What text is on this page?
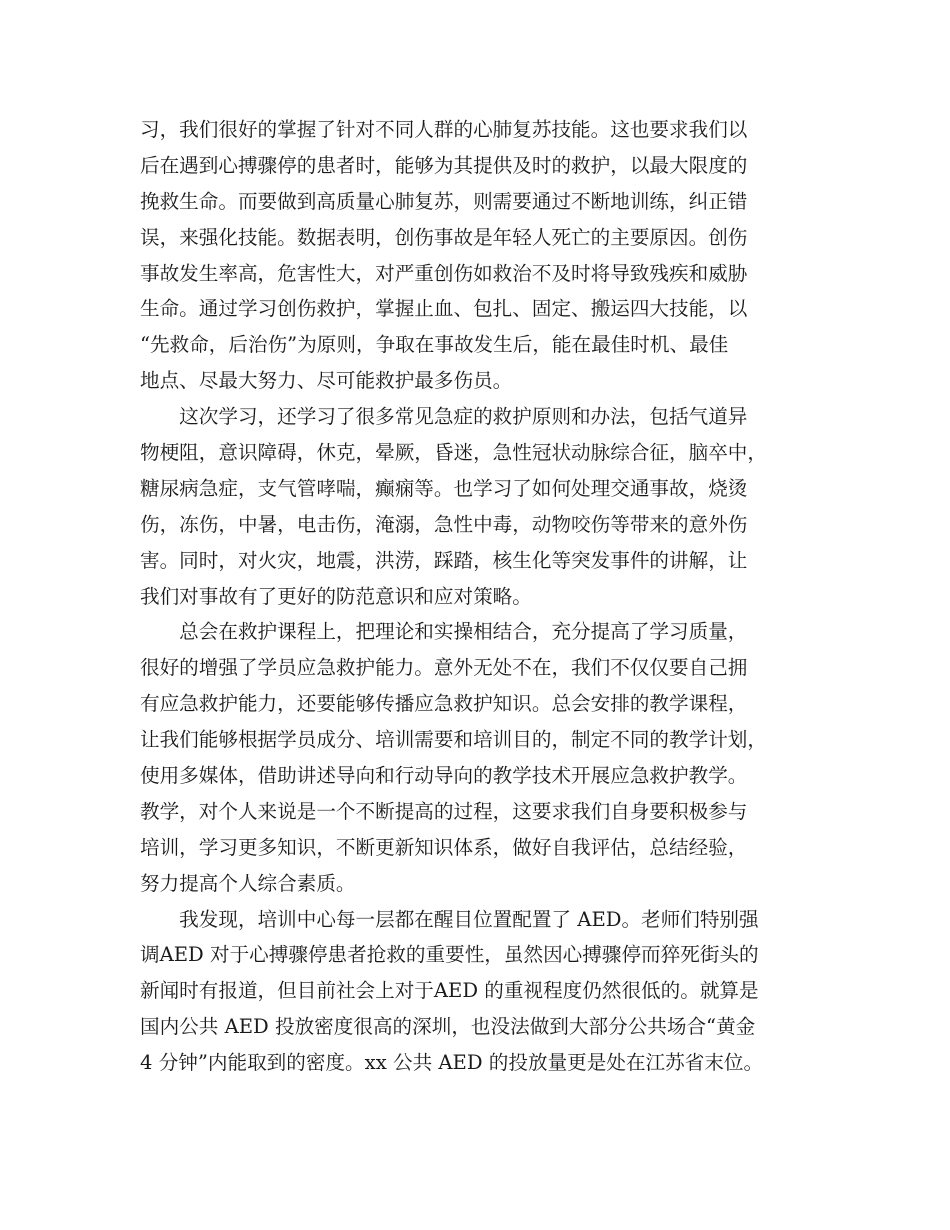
习，我们很好的掌握了针对不同人群的心肺复苏技能。这也要求我们以
后在遇到心搏骤停的患者时，能够为其提供及时的救护，以最大限度的
挽救生命。而要做到高质量心肺复苏，则需要通过不断地训练，纠正错
误，来强化技能。数据表明，创伤事故是年轻人死亡的主要原因。创伤
事故发生率高，危害性大，对严重创伤如救治不及时将导致残疾和威胁
生命。通过学习创伤救护，掌握止血、包扎、固定、搬运四大技能，以
“先救命，后治伤”为原则，争取在事故发生后，能在最佳时机、最佳
地点、尽最大努力、尽可能救护最多伤员。
　　这次学习，还学习了很多常见急症的救护原则和办法，包括气道异
物梗阻，意识障碍，休克，晕厥，昏迷，急性冠状动脉综合征，脑卒中，
糖尿病急症，支气管哮喘，癫痫等。也学习了如何处理交通事故，烧烫
伤，冻伤，中暑，电击伤，淹溺，急性中毒，动物咬伤等带来的意外伤
害。同时，对火灾，地震，洪涝，踩踏，核生化等突发事件的讲解，让
我们对事故有了更好的防范意识和应对策略。
　　总会在救护课程上，把理论和实操相结合，充分提高了学习质量，
很好的增强了学员应急救护能力。意外无处不在，我们不仅仅要自己拥
有应急救护能力，还要能够传播应急救护知识。总会安排的教学课程，
让我们能够根据学员成分、培训需要和培训目的，制定不同的教学计划，
使用多媒体，借助讲述导向和行动导向的教学技术开展应急救护教学。
教学，对个人来说是一个不断提高的过程，这要求我们自身要积极参与
培训，学习更多知识，不断更新知识体系，做好自我评估，总结经验，
努力提高个人综合素质。
　　我发现，培训中心每一层都在醒目位置配置了 AED。老师们特别强
调AED 对于心搏骤停患者抢救的重要性，虽然因心搏骤停而猝死街头的
新闻时有报道，但目前社会上对于AED 的重视程度仍然很低的。就算是
国内公共 AED 投放密度很高的深圳，也没法做到大部分公共场合“黄金
4 分钟”内能取到的密度。xx 公共 AED 的投放量更是处在江苏省末位。
